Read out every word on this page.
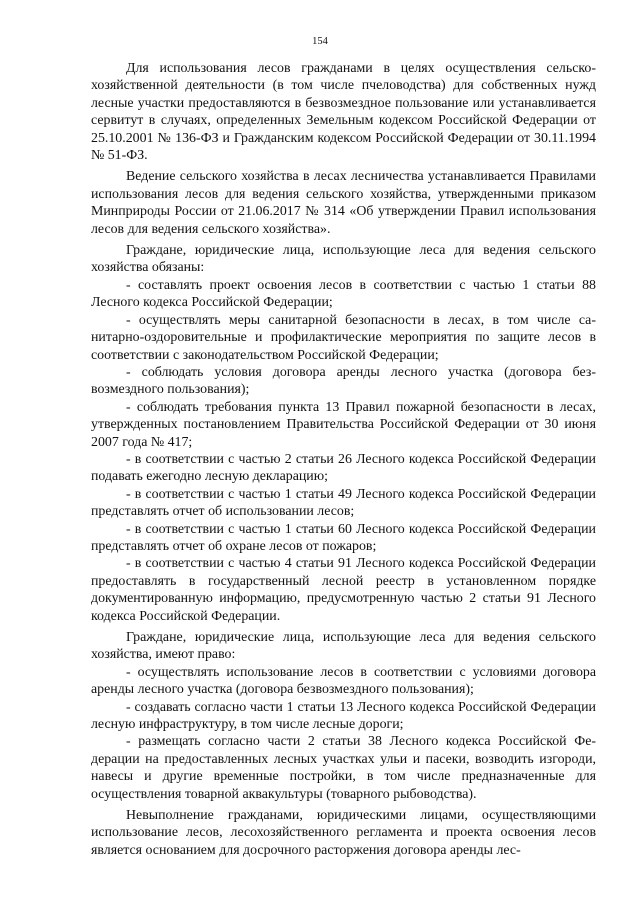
154

Для использования лесов гражданами в целях осуществления сельскохозяйственной деятельности (в том числе пчеловодства) для собственных нужд лесные участки предоставляются в безвозмездное пользование или устанавливается сервитут в случаях, определенных Земельным кодексом Российской Федерации от 25.10.2001 № 136-ФЗ и Гражданским кодексом Российской Федерации от 30.11.1994 № 51-ФЗ.

Ведение сельского хозяйства в лесах лесничества устанавливается Правилами использования лесов для ведения сельского хозяйства, утвержденными приказом Минприроды России от 21.06.2017 № 314 «Об утверждении Правил использования лесов для ведения сельского хозяйства».

Граждане, юридические лица, использующие леса для ведения сельского хозяйства обязаны:

- составлять проект освоения лесов в соответствии с частью 1 статьи 88 Лесного кодекса Российской Федерации;

- осуществлять меры санитарной безопасности в лесах, в том числе санитарно-оздоровительные и профилактические мероприятия по защите лесов в соответствии с законодательством Российской Федерации;

- соблюдать условия договора аренды лесного участка (договора безвозмездного пользования);

- соблюдать требования пункта 13 Правил пожарной безопасности в лесах, утвержденных постановлением Правительства Российской Федерации от 30 июня 2007 года № 417;

- в соответствии с частью 2 статьи 26 Лесного кодекса Российской Федерации подавать ежегодно лесную декларацию;

- в соответствии с частью 1 статьи 49 Лесного кодекса Российской Федерации представлять отчет об использовании лесов;

- в соответствии с частью 1 статьи 60 Лесного кодекса Российской Федерации представлять отчет об охране лесов от пожаров;

- в соответствии с частью 4 статьи 91 Лесного кодекса Российской Федерации предоставлять в государственный лесной реестр в установленном порядке документированную информацию, предусмотренную частью 2 статьи 91 Лесного кодекса Российской Федерации.

Граждане, юридические лица, использующие леса для ведения сельского хозяйства, имеют право:

- осуществлять использование лесов в соответствии с условиями договора аренды лесного участка (договора безвозмездного пользования);

- создавать согласно части 1 статьи 13 Лесного кодекса Российской Федерации лесную инфраструктуру, в том числе лесные дороги;

- размещать согласно части 2 статьи 38 Лесного кодекса Российской Федерации на предоставленных лесных участках ульи и пасеки, возводить изгороди, навесы и другие временные постройки, в том числе предназначенные для осуществления товарной аквакультуры (товарного рыбоводства).

Невыполнение гражданами, юридическими лицами, осуществляющими использование лесов, лесохозяйственного регламента и проекта освоения лесов является основанием для досрочного расторжения договора аренды лес-
